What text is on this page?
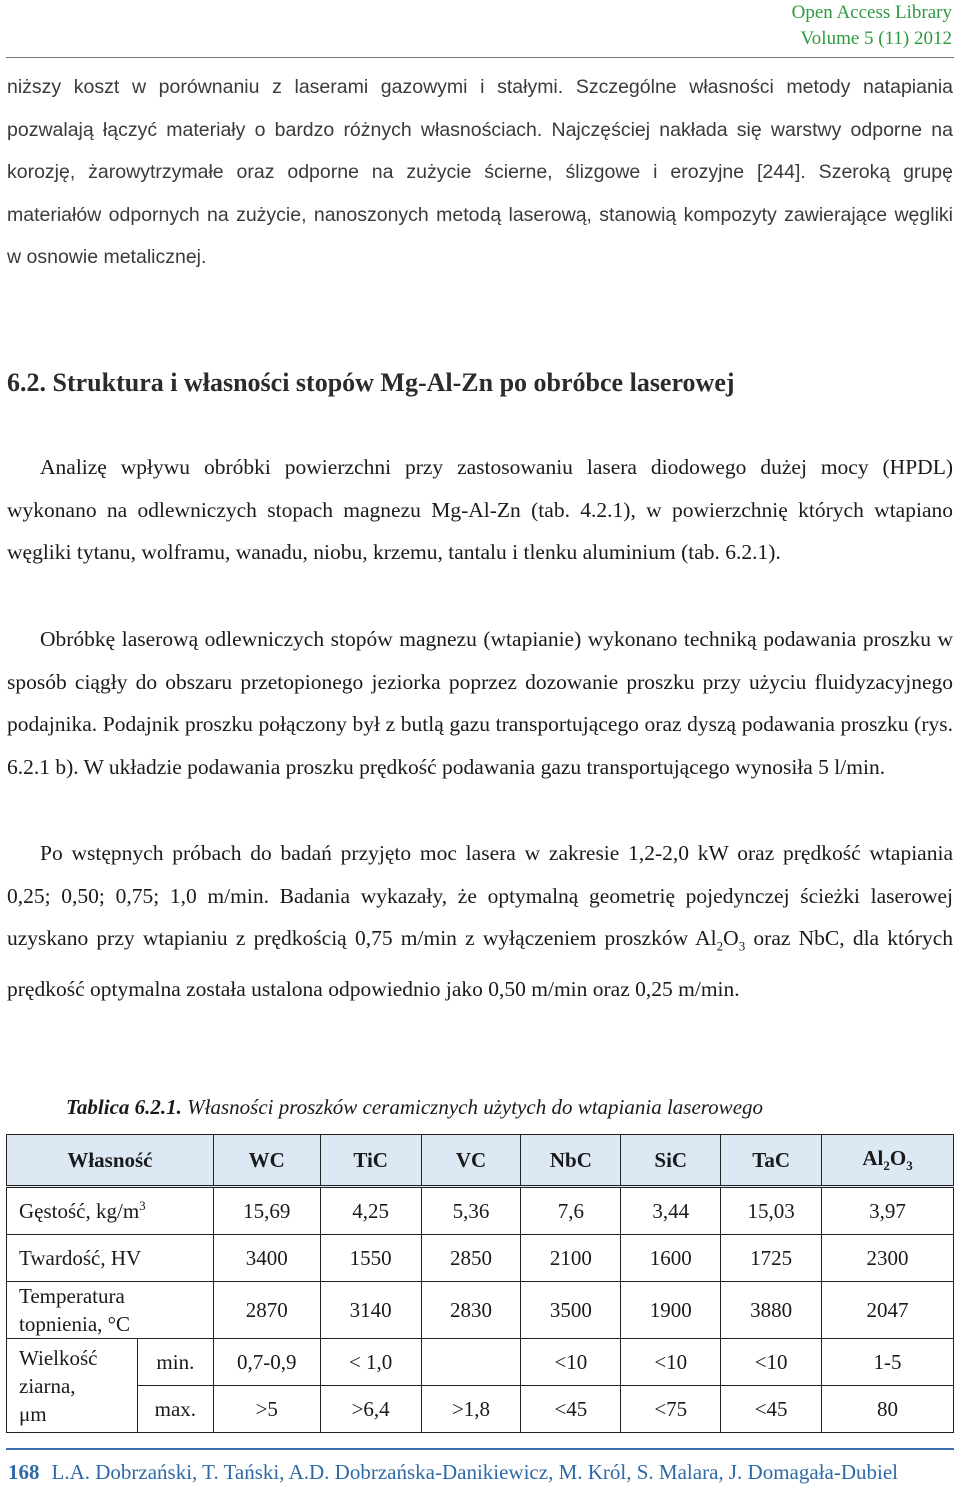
Open Access Library
Volume 5 (11) 2012

niższy koszt w porównaniu z laserami gazowymi i stałymi. Szczególne własności metody natapiania pozwalają łączyć materiały o bardzo różnych własnościach. Najczęściej nakłada się warstwy odporne na korozję, żarowytrzymałe oraz odporne na zużycie ścierne, ślizgowe i erozyjne [244]. Szeroką grupę materiałów odpornych na zużycie, nanoszonych metodą laserową, stanowią kompozyty zawierające węgliki w osnowie metalicznej.

6.2. Struktura i własności stopów Mg-Al-Zn po obróbce laserowej

Analizę wpływu obróbki powierzchni przy zastosowaniu lasera diodowego dużej mocy (HPDL) wykonano na odlewniczych stopach magnezu Mg-Al-Zn (tab. 4.2.1), w powierzchnię których wtapiano węgliki tytanu, wolframu, wanadu, niobu, krzemu, tantalu i tlenku aluminium (tab. 6.2.1).

Obróbkę laserową odlewniczych stopów magnezu (wtapianie) wykonano techniką podawania proszku w sposób ciągły do obszaru przetopionego jeziorka poprzez dozowanie proszku przy użyciu fluidyzacyjnego podajnika. Podajnik proszku połączony był z butlą gazu transportującego oraz dyszą podawania proszku (rys. 6.2.1 b). W układzie podawania proszku prędkość podawania gazu transportującego wynosiła 5 l/min.

Po wstępnych próbach do badań przyjęto moc lasera w zakresie 1,2-2,0 kW oraz prędkość wtapiania 0,25; 0,50; 0,75; 1,0 m/min. Badania wykazały, że optymalną geometrię pojedynczej ścieżki laserowej uzyskano przy wtapianiu z prędkością 0,75 m/min z wyłączeniem proszków $Al_2O_3$ oraz NbC, dla których prędkość optymalna została ustalona odpowiednio jako 0,50 m/min oraz 0,25 m/min.

Tablica 6.2.1. Własności proszków ceramicznych użytych do wtapiania laserowego
Własność		WC	TiC	VC	NbC	SiC	TaC	$Al_2O_3$
Gęstość, $kg/m^3$		15,69	4,25	5,36	7,6	3,44	15,03	3,97
Twardość, HV		3400	1550	2850	2100	1600	1725	2300

Temperatura
topnienia, °C		2870	3140	2830	3500	1900	3880	2047

Wielkość
ziarna,
μm	min.	0,7-0,9	< 1,0		<10	<10	<10	1-5
	max.	>5	>6,4	>1,8	<45	<75	<45	80
168 L.A. Dobrzański, T. Tański, A.D. Dobrzańska-Danikiewicz, M. Król, S. Malara, J. Domagała-Dubiel
